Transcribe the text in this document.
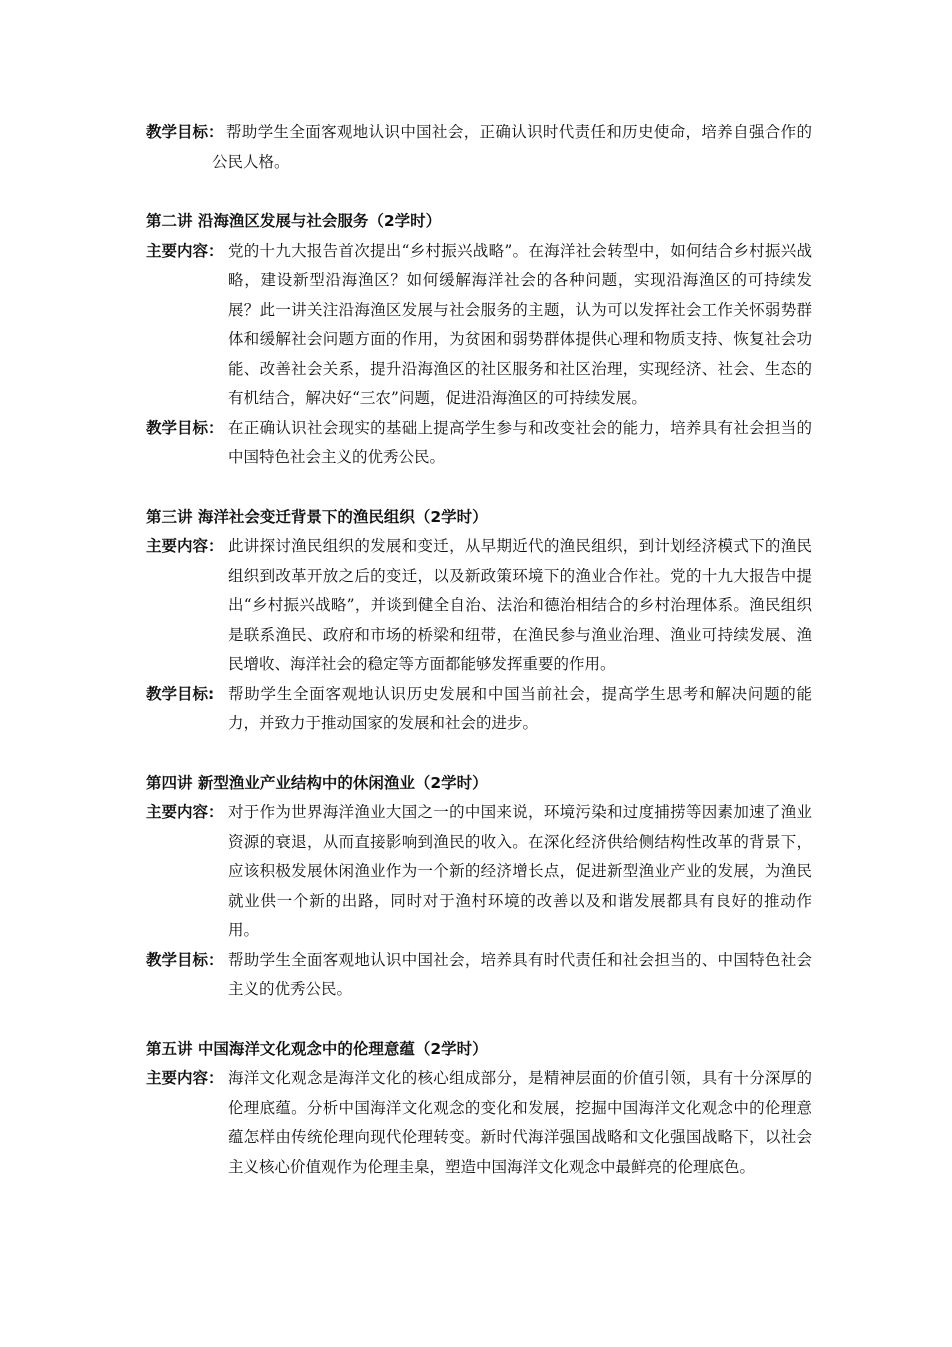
教学目标： 帮助学生全面客观地认识中国社会，正确认识时代责任和历史使命，培养自强合作的公民人格。
第二讲 沿海渔区发展与社会服务（2学时）
主要内容： 党的十九大报告首次提出“乡村振兴战略”。在海洋社会转型中，如何结合乡村振兴战略，建设新型沿海渔区？如何缓解海洋社会的各种问题，实现沿海渔区的可持续发展？此一讲关注沿海渔区发展与社会服务的主题，认为可以发挥社会工作关怀弱势群体和缓解社会问题方面的作用，为贫困和弱势群体提供心理和物质支持、恢复社会功能、改善社会关系，提升沿海渔区的社区服务和社区治理，实现经济、社会、生态的有机结合，解决好“三农”问题，促进沿海渔区的可持续发展。
教学目标： 在正确认识社会现实的基础上提高学生参与和改变社会的能力，培养具有社会担当的中国特色社会主义的优秀公民。
第三讲 海洋社会变迁背景下的渔民组织（2学时）
主要内容： 此讲探讨渔民组织的发展和变迁，从早期近代的渔民组织，到计划经济模式下的渔民组织到改革开放之后的变迁，以及新政策环境下的渔业合作社。党的十九大报告中提出“乡村振兴战略”，并谈到健全自治、法治和德治相结合的乡村治理体系。渔民组织是联系渔民、政府和市场的桥梁和纽带，在渔民参与渔业治理、渔业可持续发展、渔民增收、海洋社会的稳定等方面都能够发挥重要的作用。
教学目标: 帮助学生全面客观地认识历史发展和中国当前社会，提高学生思考和解决问题的能力，并致力于推动国家的发展和社会的进步。
第四讲 新型渔业产业结构中的休闲渔业（2学时）
主要内容： 对于作为世界海洋渔业大国之一的中国来说，环境污染和过度捕捞等因素加速了渔业资源的衰退，从而直接影响到渔民的收入。在深化经济供给侧结构性改革的背景下，应该积极发展休闲渔业作为一个新的经济增长点，促进新型渔业产业的发展，为渔民就业供一个新的出路，同时对于渔村环境的改善以及和谐发展都具有良好的推动作用。
教学目标： 帮助学生全面客观地认识中国社会，培养具有时代责任和社会担当的、中国特色社会主义的优秀公民。
第五讲 中国海洋文化观念中的伦理意蕴（2学时）
主要内容： 海洋文化观念是海洋文化的核心组成部分，是精神层面的价值引领，具有十分深厚的伦理底蕴。分析中国海洋文化观念的变化和发展，挖掘中国海洋文化观念中的伦理意蕴怎样由传统伦理向现代伦理转变。新时代海洋强国战略和文化强国战略下，以社会主义核心价值观作为伦理圭臬，塑造中国海洋文化观念中最鲜亮的伦理底色。
